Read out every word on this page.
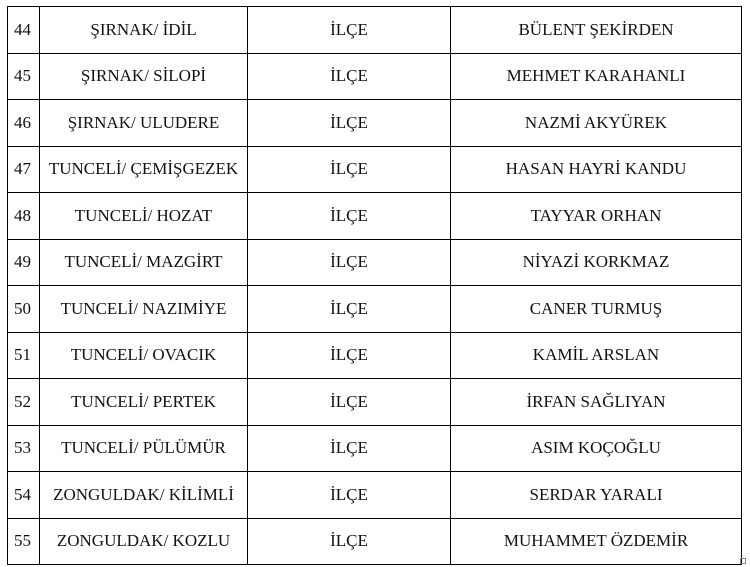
44	ŞIRNAK/ İDİL	İLÇE	BÜLENT ŞEKİRDEN
45	ŞIRNAK/ SİLOPİ	İLÇE	MEHMET KARAHANLI
46	ŞIRNAK/ ULUDERE	İLÇE	NAZMİ AKYÜREK
47	TUNCELİ/ ÇEMİŞGEZEK	İLÇE	HASAN HAYRİ KANDU
48	TUNCELİ/ HOZAT	İLÇE	TAYYAR ORHAN
49	TUNCELİ/ MAZGİRT	İLÇE	NİYAZİ KORKMAZ
50	TUNCELİ/ NAZIMİYE	İLÇE	CANER TURMUŞ
51	TUNCELİ/ OVACIK	İLÇE	KAMİL ARSLAN
52	TUNCELİ/ PERTEK	İLÇE	İRFAN SAĞLIYAN
53	TUNCELİ/ PÜLÜMÜR	İLÇE	ASIM KOÇOĞLU
54	ZONGULDAK/ KİLİMLİ	İLÇE	SERDAR YARALI
55	ZONGULDAK/ KOZLU	İLÇE	MUHAMMET ÖZDEMİR
